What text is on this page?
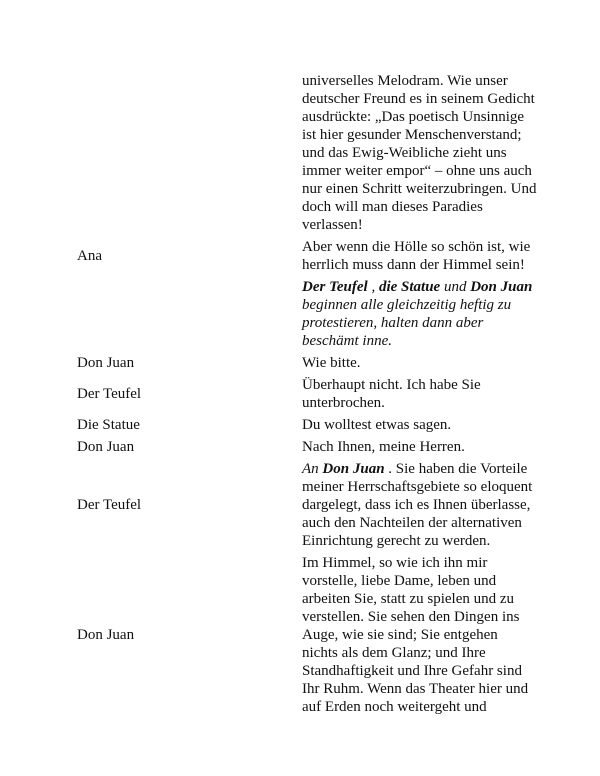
	universelles Melodram. Wie unser deutscher Freund es in seinem Gedicht ausdrückte: „Das poetisch Unsinnige ist hier gesunder Menschenverstand; und das Ewig-Weibliche zieht uns immer weiter empor“ – ohne uns auch nur einen Schritt weiterzubringen. Und doch will man dieses Paradies verlassen!
Ana	Aber wenn die Hölle so schön ist, wie herrlich muss dann der Himmel sein!
	Der Teufel , die Statue und Don Juan beginnen alle gleichzeitig heftig zu protestieren, halten dann aber beschämt inne.
Don Juan	Wie bitte.
Der Teufel	Überhaupt nicht. Ich habe Sie unterbrochen.
Die Statue	Du wolltest etwas sagen.
Don Juan	Nach Ihnen, meine Herren.
Der Teufel	An Don Juan . Sie haben die Vorteile meiner Herrschaftsgebiete so eloquent dargelegt, dass ich es Ihnen überlasse, auch den Nachteilen der alternativen Einrichtung gerecht zu werden.
Don Juan	Im Himmel, so wie ich ihn mir vorstelle, liebe Dame, leben und arbeiten Sie, statt zu spielen und zu verstellen. Sie sehen den Dingen ins Auge, wie sie sind; Sie entgehen nichts als dem Glanz; und Ihre Standhaftigkeit und Ihre Gefahr sind Ihr Ruhm. Wenn das Theater hier und auf Erden noch weitergeht und
